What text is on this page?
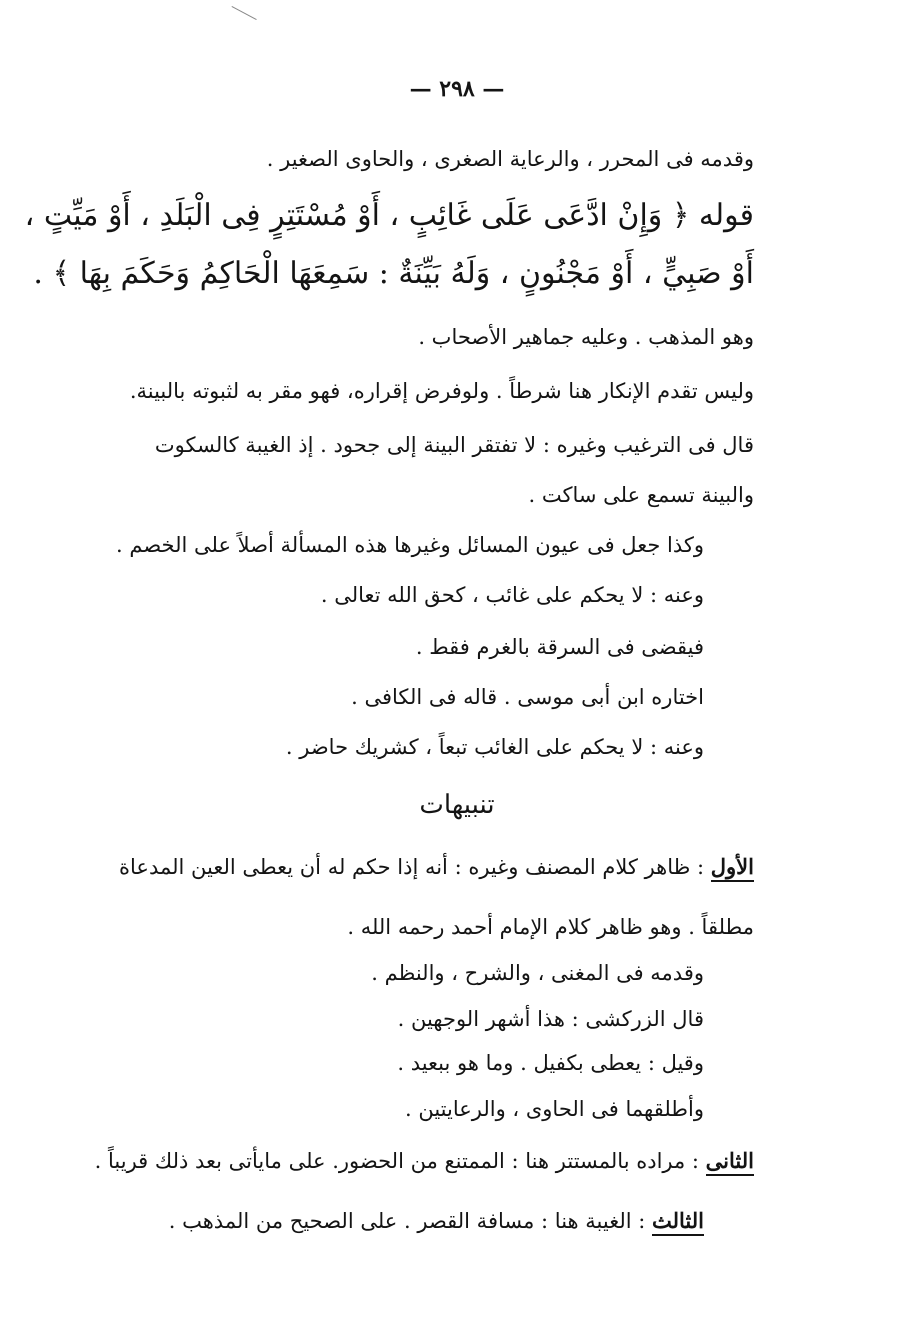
— ٢٩٨ —
وقدمه فى المحرر ، والرعاية الصغرى ، والحاوى الصغير .
قوله ﴿ وَإِنْ ادَّعَى عَلَى غَائِبٍ ، أَوْ مُسْتَتِرٍ فِى الْبَلَدِ ، أَوْ مَيِّتٍ ،
أَوْ صَبِيٍّ ، أَوْ مَجْنُونٍ ، وَلَهُ بَيِّنَةٌ : سَمِعَهَا الْحَاكِمُ وَحَكَمَ بِهَا ﴾ .
وهو المذهب . وعليه جماهير الأصحاب .
وليس تقدم الإنكار هنا شرطاً . ولوفرض إقراره، فهو مقر به لثبوته بالبينة.
قال فى الترغيب وغيره : لا تفتقر البينة إلى جحود . إذ الغيبة كالسكوت
والبينة تسمع على ساكت .
وكذا جعل فى عيون المسائل وغيرها هذه المسألة أصلاً على الخصم .
وعنه : لا يحكم على غائب ، كحق الله تعالى .
فيقضى فى السرقة بالغرم فقط .
اختاره ابن أبى موسى . قاله فى الكافى .
وعنه : لا يحكم على الغائب تبعاً ، كشريك حاضر .
تنبيهات
الأول : ظاهر كلام المصنف وغيره : أنه إذا حكم له أن يعطى العين المدعاة
مطلقاً . وهو ظاهر كلام الإمام أحمد رحمه الله .
وقدمه فى المغنى ، والشرح ، والنظم .
قال الزركشى : هذا أشهر الوجهين .
وقيل : يعطى بكفيل . وما هو ببعيد .
وأطلقهما فى الحاوى ، والرعايتين .
الثانى : مراده بالمستتر هنا : الممتنع من الحضور. على مايأتى بعد ذلك قريباً .
الثالث : الغيبة هنا : مسافة القصر . على الصحيح من المذهب .
